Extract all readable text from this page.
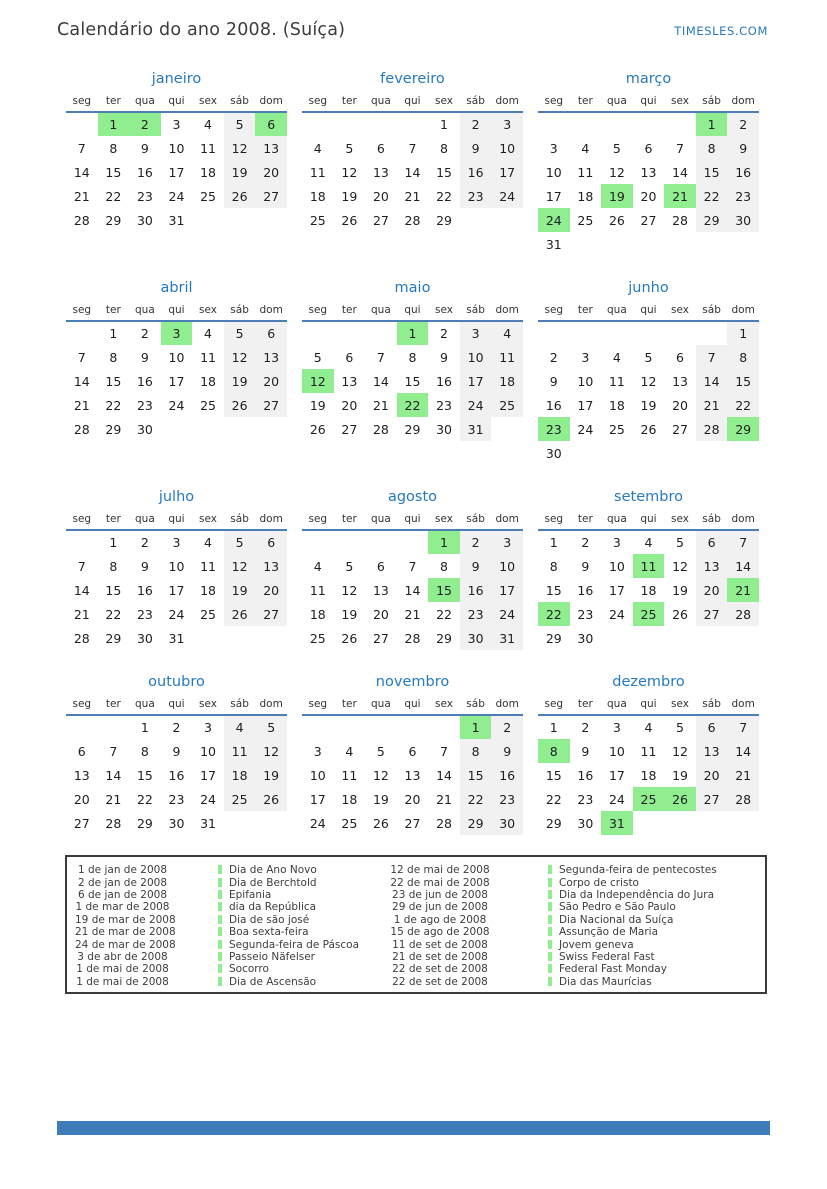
Calendário do ano 2008. (Suíça)	TIMESLES.COM
janeiro
seg	ter	qua	qui	sex	sáb	dom
	1	2	3	4	5	6
7	8	9	10	11	12	13
14	15	16	17	18	19	20
21	22	23	24	25	26	27
28	29	30	31			
fevereiro
seg	ter	qua	qui	sex	sáb	dom
				1	2	3
4	5	6	7	8	9	10
11	12	13	14	15	16	17
18	19	20	21	22	23	24
25	26	27	28	29		
março
seg	ter	qua	qui	sex	sáb	dom
					1	2
3	4	5	6	7	8	9
10	11	12	13	14	15	16
17	18	19	20	21	22	23
24	25	26	27	28	29	30
31						
abril
seg	ter	qua	qui	sex	sáb	dom
	1	2	3	4	5	6
7	8	9	10	11	12	13
14	15	16	17	18	19	20
21	22	23	24	25	26	27
28	29	30				
maio
seg	ter	qua	qui	sex	sáb	dom
			1	2	3	4
5	6	7	8	9	10	11
12	13	14	15	16	17	18
19	20	21	22	23	24	25
26	27	28	29	30	31	
junho
seg	ter	qua	qui	sex	sáb	dom
						1
2	3	4	5	6	7	8
9	10	11	12	13	14	15
16	17	18	19	20	21	22
23	24	25	26	27	28	29
30						
julho
seg	ter	qua	qui	sex	sáb	dom
	1	2	3	4	5	6
7	8	9	10	11	12	13
14	15	16	17	18	19	20
21	22	23	24	25	26	27
28	29	30	31			
agosto
seg	ter	qua	qui	sex	sáb	dom
				1	2	3
4	5	6	7	8	9	10
11	12	13	14	15	16	17
18	19	20	21	22	23	24
25	26	27	28	29	30	31
setembro
seg	ter	qua	qui	sex	sáb	dom
1	2	3	4	5	6	7
8	9	10	11	12	13	14
15	16	17	18	19	20	21
22	23	24	25	26	27	28
29	30					
outubro
seg	ter	qua	qui	sex	sáb	dom
		1	2	3	4	5
6	7	8	9	10	11	12
13	14	15	16	17	18	19
20	21	22	23	24	25	26
27	28	29	30	31		
novembro
seg	ter	qua	qui	sex	sáb	dom
					1	2
3	4	5	6	7	8	9
10	11	12	13	14	15	16
17	18	19	20	21	22	23
24	25	26	27	28	29	30
dezembro
seg	ter	qua	qui	sex	sáb	dom
1	2	3	4	5	6	7
8	9	10	11	12	13	14
15	16	17	18	19	20	21
22	23	24	25	26	27	28
29	30	31				
1 de jan de 2008	Dia de Ano Novo	12 de mai de 2008	Segunda-feira de pentecostes
2 de jan de 2008	Dia de Berchtold	22 de mai de 2008	Corpo de cristo
6 de jan de 2008	Epifania	23 de jun de 2008	Dia da Independência do Jura
1 de mar de 2008	dia da República	29 de jun de 2008	São Pedro e São Paulo
19 de mar de 2008	Dia de são josé	1 de ago de 2008	Dia Nacional da Suíça
21 de mar de 2008	Boa sexta-feira	15 de ago de 2008	Assunção de Maria
24 de mar de 2008	Segunda-feira de Páscoa	11 de set de 2008	Jovem geneva
3 de abr de 2008	Passeio Näfelser	21 de set de 2008	Swiss Federal Fast
1 de mai de 2008	Socorro	22 de set de 2008	Federal Fast Monday
1 de mai de 2008	Dia de Ascensão	22 de set de 2008	Dia das Maurícias
